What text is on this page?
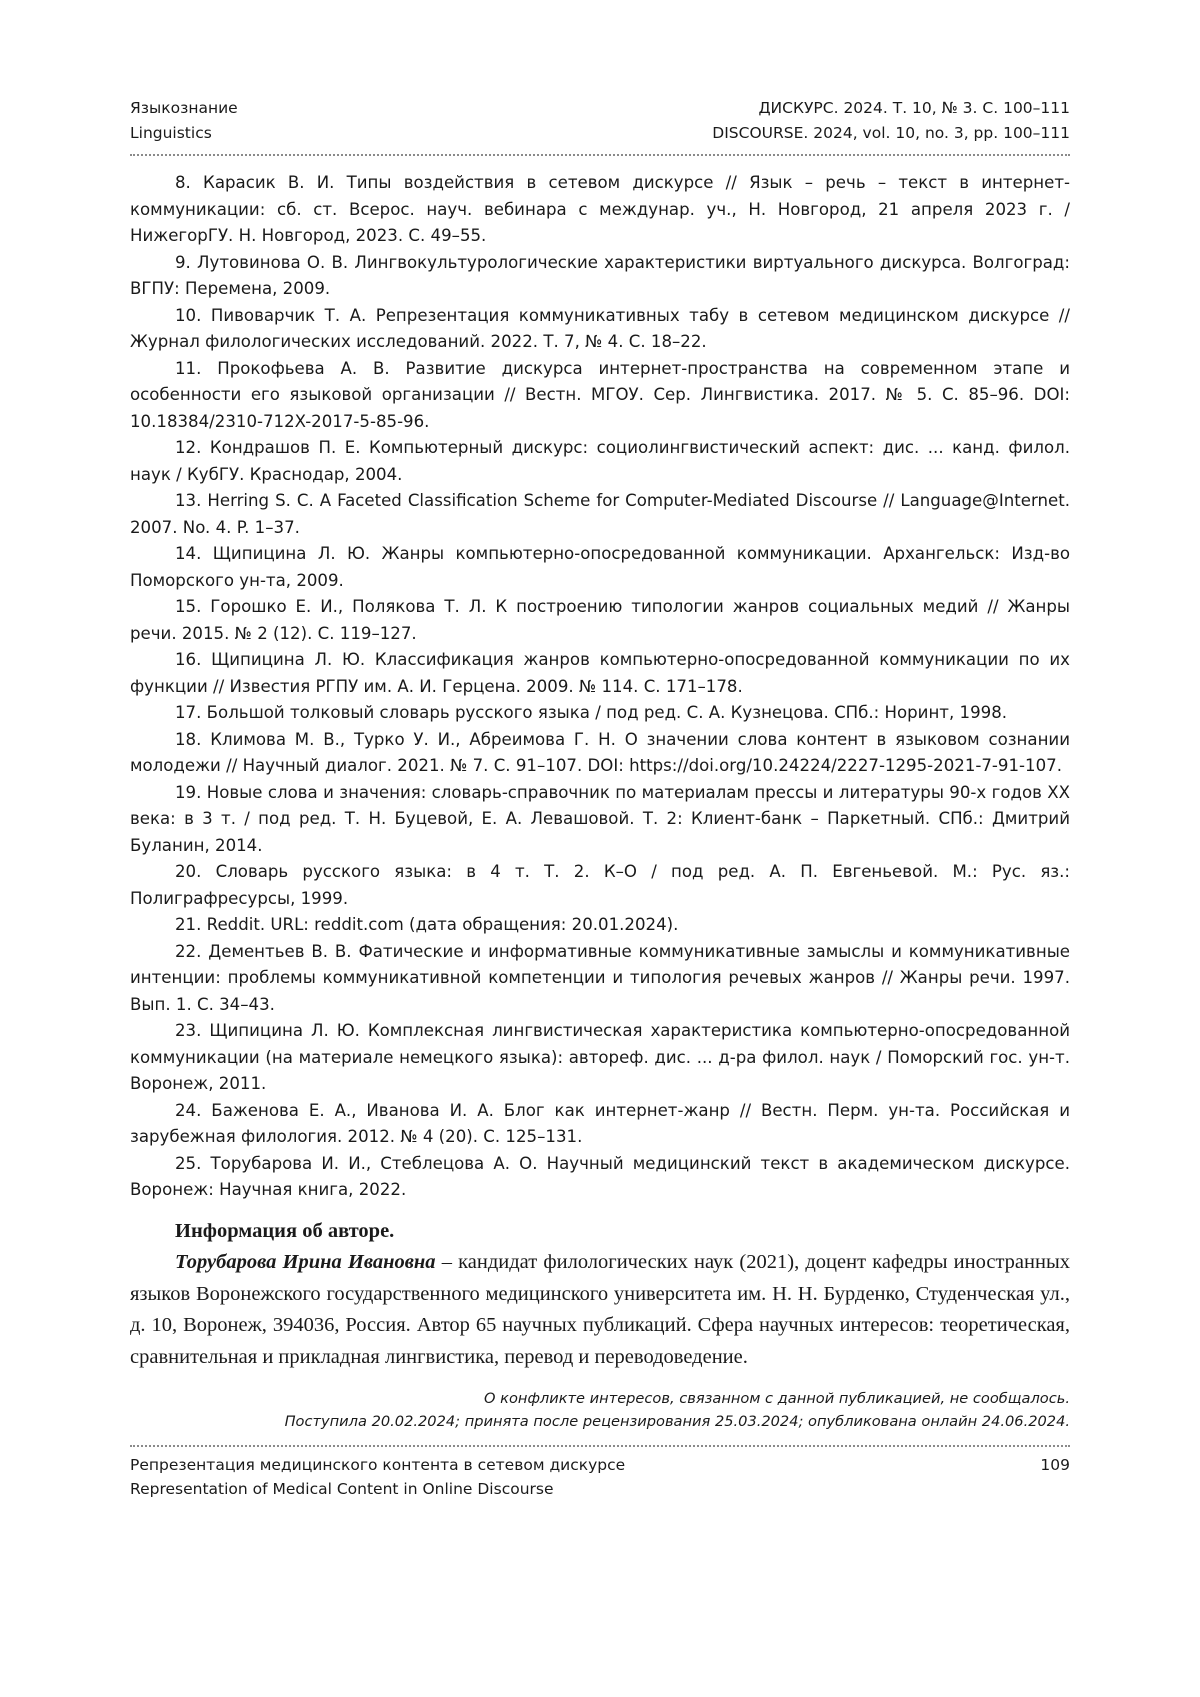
Языкознание
Linguistics
ДИСКУРС. 2024. Т. 10, № 3. С. 100–111
DISCOURSE. 2024, vol. 10, no. 3, pp. 100–111

8. Карасик В. И. Типы воздействия в сетевом дискурсе // Язык – речь – текст в интернет-коммуникации: сб. ст. Всерос. науч. вебинара с междунар. уч., Н. Новгород, 21 апреля 2023 г. / НижегорГУ. Н. Новгород, 2023. С. 49–55.

9. Лутовинова О. В. Лингвокультурологические характеристики виртуального дискурса. Волгоград: ВГПУ: Перемена, 2009.

10. Пивоварчик Т. А. Репрезентация коммуникативных табу в сетевом медицинском дискурсе // Журнал филологических исследований. 2022. Т. 7, № 4. С. 18–22.

11. Прокофьева А. В. Развитие дискурса интернет-пространства на современном этапе и особенности его языковой организации // Вестн. МГОУ. Сер. Лингвистика. 2017. № 5. С. 85–96. DOI: 10.18384/2310-712X-2017-5-85-96.

12. Кондрашов П. Е. Компьютерный дискурс: социолингвистический аспект: дис. ... канд. филол. наук / КубГУ. Краснодар, 2004.

13. Herring S. C. A Faceted Classification Scheme for Computer-Mediated Discourse // Language@Internet. 2007. No. 4. P. 1–37.

14. Щипицина Л. Ю. Жанры компьютерно-опосредованной коммуникации. Архангельск: Изд-во Поморского ун-та, 2009.

15. Горошко Е. И., Полякова Т. Л. К построению типологии жанров социальных медий // Жанры речи. 2015. № 2 (12). С. 119–127.

16. Щипицина Л. Ю. Классификация жанров компьютерно-опосредованной коммуникации по их функции // Известия РГПУ им. А. И. Герцена. 2009. № 114. С. 171–178.

17. Большой толковый словарь русского языка / под ред. С. А. Кузнецова. СПб.: Норинт, 1998.

18. Климова М. В., Турко У. И., Абреимова Г. Н. О значении слова контент в языковом сознании молодежи // Научный диалог. 2021. № 7. С. 91–107. DOI: https://doi.org/10.24224/2227-1295-2021-7-91-107.

19. Новые слова и значения: словарь-справочник по материалам прессы и литературы 90-х годов XX века: в 3 т. / под ред. Т. Н. Буцевой, Е. А. Левашовой. Т. 2: Клиент-банк – Паркетный. СПб.: Дмитрий Буланин, 2014.

20. Словарь русского языка: в 4 т. Т. 2. К–О / под ред. А. П. Евгеньевой. М.: Рус. яз.: Полиграфресурсы, 1999.

21. Reddit. URL: reddit.com (дата обращения: 20.01.2024).

22. Дементьев В. В. Фатические и информативные коммуникативные замыслы и коммуникативные интенции: проблемы коммуникативной компетенции и типология речевых жанров // Жанры речи. 1997. Вып. 1. С. 34–43.

23. Щипицина Л. Ю. Комплексная лингвистическая характеристика компьютерно-опосредованной коммуникации (на материале немецкого языка): автореф. дис. ... д-ра филол. наук / Поморский гос. ун-т. Воронеж, 2011.

24. Баженова Е. А., Иванова И. А. Блог как интернет-жанр // Вестн. Перм. ун-та. Российская и зарубежная филология. 2012. № 4 (20). С. 125–131.

25. Торубарова И. И., Стеблецова А. О. Научный медицинский текст в академическом дискурсе. Воронеж: Научная книга, 2022.

Информация об авторе.

Торубарова Ирина Ивановна – кандидат филологических наук (2021), доцент кафедры иностранных языков Воронежского государственного медицинского университета им. Н. Н. Бурденко, Студенческая ул., д. 10, Воронеж, 394036, Россия. Автор 65 научных публикаций. Сфера научных интересов: теоретическая, сравнительная и прикладная лингвистика, перевод и переводоведение.

О конфликте интересов, связанном с данной публикацией, не сообщалось.
Поступила 20.02.2024; принята после рецензирования 25.03.2024; опубликована онлайн 24.06.2024.
Репрезентация медицинского контента в сетевом дискурсе
Representation of Medical Content in Online Discourse
109
